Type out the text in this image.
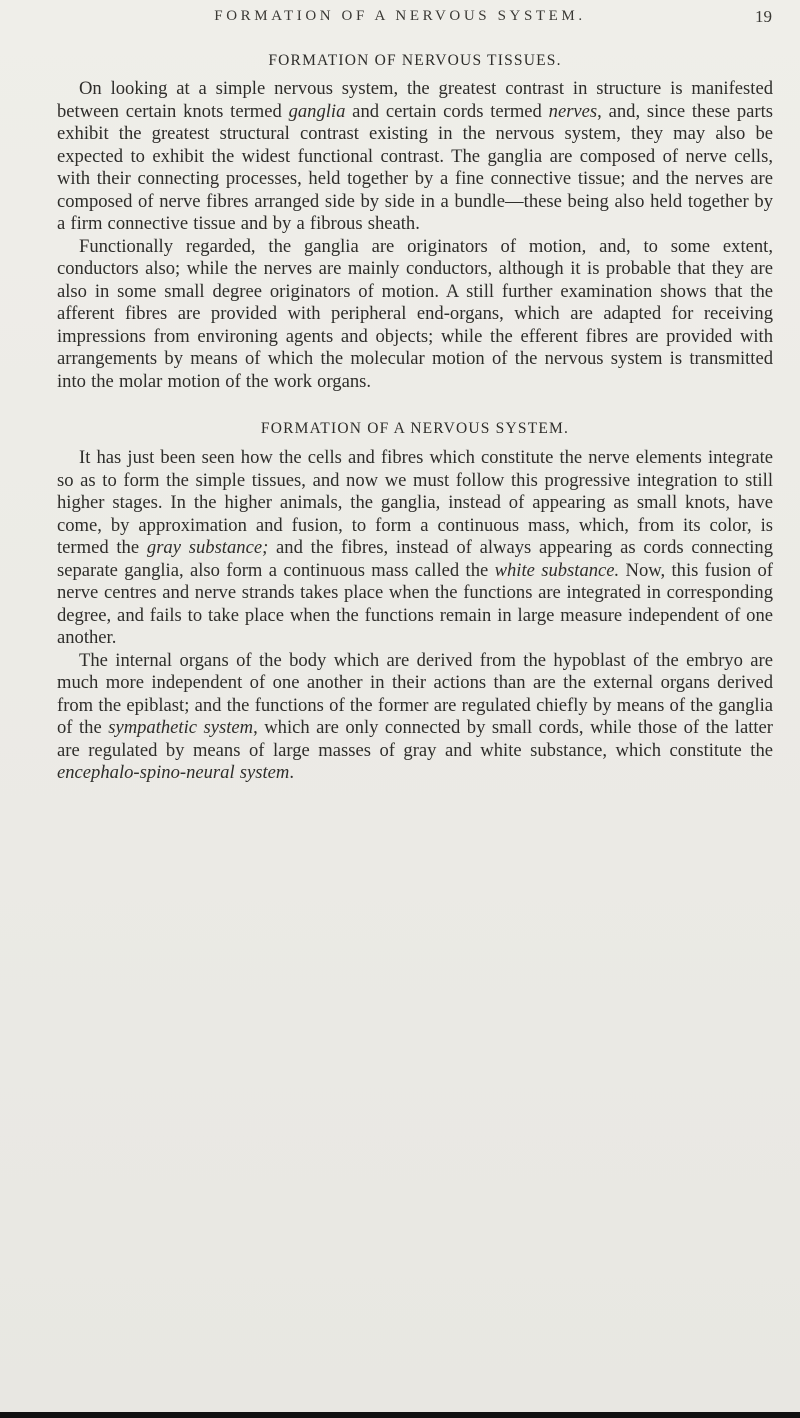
FORMATION OF A NERVOUS SYSTEM.	19
FORMATION OF NERVOUS TISSUES.

On looking at a simple nervous system, the greatest contrast in structure is manifested between certain knots termed ganglia and certain cords termed nerves, and, since these parts exhibit the greatest structural contrast existing in the nervous system, they may also be expected to exhibit the widest functional contrast. The ganglia are composed of nerve cells, with their connecting processes, held together by a fine connective tissue; and the nerves are composed of nerve fibres arranged side by side in a bundle—these being also held together by a firm connective tissue and by a fibrous sheath.

Functionally regarded, the ganglia are originators of motion, and, to some extent, conductors also; while the nerves are mainly conductors, although it is probable that they are also in some small degree originators of motion. A still further examination shows that the afferent fibres are provided with peripheral end-organs, which are adapted for receiving impressions from environing agents and objects; while the efferent fibres are provided with arrangements by means of which the molecular motion of the nervous system is transmitted into the molar motion of the work organs.

FORMATION OF A NERVOUS SYSTEM.

It has just been seen how the cells and fibres which constitute the nerve elements integrate so as to form the simple tissues, and now we must follow this progressive integration to still higher stages. In the higher animals, the ganglia, instead of appearing as small knots, have come, by approximation and fusion, to form a continuous mass, which, from its color, is termed the gray substance; and the fibres, instead of always appearing as cords connecting separate ganglia, also form a continuous mass called the white substance. Now, this fusion of nerve centres and nerve strands takes place when the functions are integrated in corresponding degree, and fails to take place when the functions remain in large measure independent of one another.

The internal organs of the body which are derived from the hypoblast of the embryo are much more independent of one another in their actions than are the external organs derived from the epiblast; and the functions of the former are regulated chiefly by means of the ganglia of the sympathetic system, which are only connected by small cords, while those of the latter are regulated by means of large masses of gray and white substance, which constitute the encephalo-spino-neural system.
